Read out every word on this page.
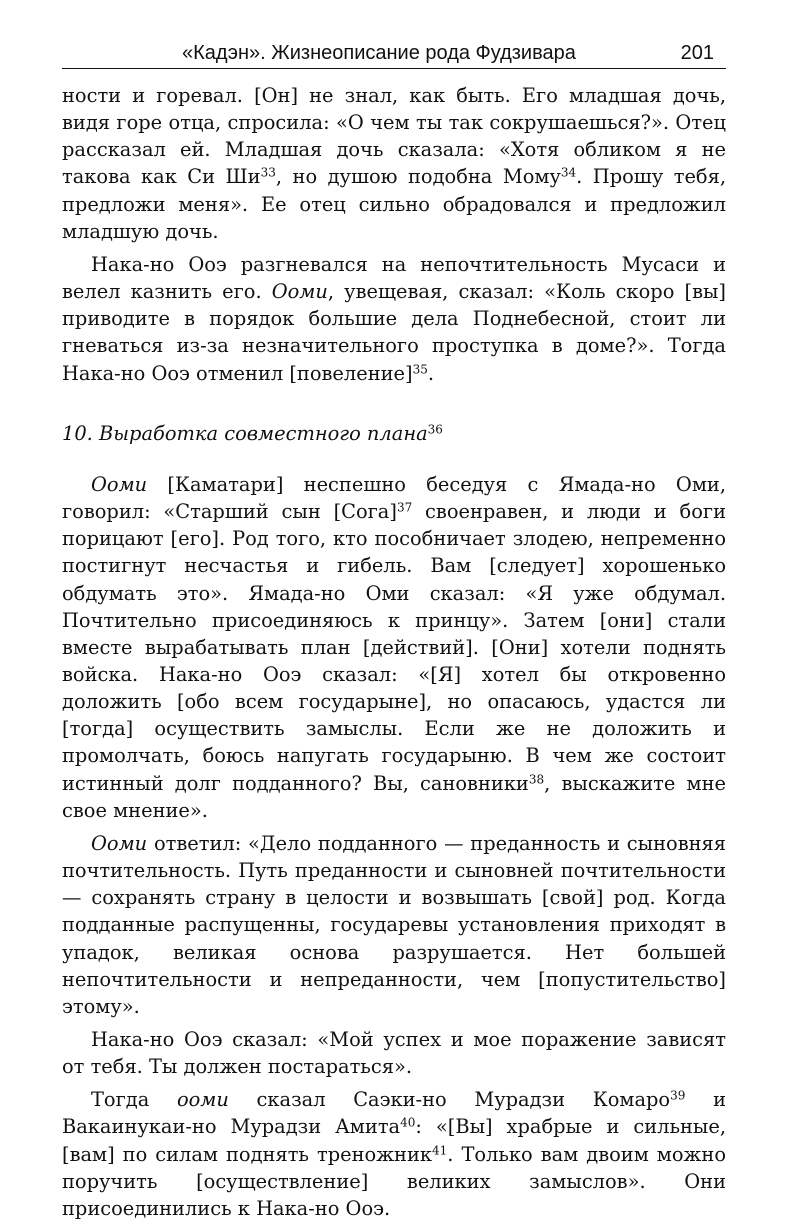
«Кадэн». Жизнеописание рода Фудзивара	201

ности и горевал. [Он] не знал, как быть. Его младшая дочь, видя горе отца, спросила: «О чем ты так сокрушаешься?». Отец рассказал ей. Младшая дочь сказала: «Хотя обликом я не такова как Си $Ши^{33}$, но душою подобна Мому$^{34}$. Прошу тебя, предложи меня». Ее отец сильно обрадовался и предложил младшую дочь.

Нака-но Ооэ разгневался на непочтительность Мусаси и велел казнить его. Ооми, увещевая, сказал: «Коль скоро [вы] приводите в порядок большие дела Поднебесной, стоит ли гневаться из-за незначительного проступка в доме?». Тогда Нака-но Ооэ отменил [повеление]$^{35}$.

10. Выработка совместного плана$^{36}$

Ооми [Каматари] неспешно беседуя с Ямада-но Оми, говорил: «Старший сын [Сога]$^{37}$ своенравен, и люди и боги порицают [его]. Род того, кто пособничает злодею, непременно постигнут несчастья и гибель. Вам [следует] хорошенько обдумать это». Ямада-но Оми сказал: «Я уже обдумал. Почтительно присоединяюсь к принцу». Затем [они] стали вместе вырабатывать план [действий]. [Они] хотели поднять войска. Нака-но Ооэ сказал: «[Я] хотел бы откровенно доложить [обо всем государыне], но опасаюсь, удастся ли [тогда] осуществить замыслы. Если же не доложить и промолчать, боюсь напугать государыню. В чем же состоит истинный долг подданного? Вы, сановники$^{38}$, выскажите мне свое мнение».

Ооми ответил: «Дело подданного — преданность и сыновняя почтительность. Путь преданности и сыновней почтительности — сохранять страну в целости и возвышать [свой] род. Когда подданные распущенны, государевы установления приходят в упадок, великая основа разрушается. Нет большей непочтительности и непреданности, чем [попустительство] этому».

Нака-но Ооэ сказал: «Мой успех и мое поражение зависят от тебя. Ты должен постараться».

Тогда ооми сказал Саэки-но Мурадзи Комаро$^{39}$ и Вакаинукаи-но Мурадзи Амита$^{40}$: «[Вы] храбрые и сильные, [вам] по силам поднять треножник$^{41}$. Только вам двоим можно поручить [осуществление] великих замыслов». Они присоединились к Нака-но Ооэ.
